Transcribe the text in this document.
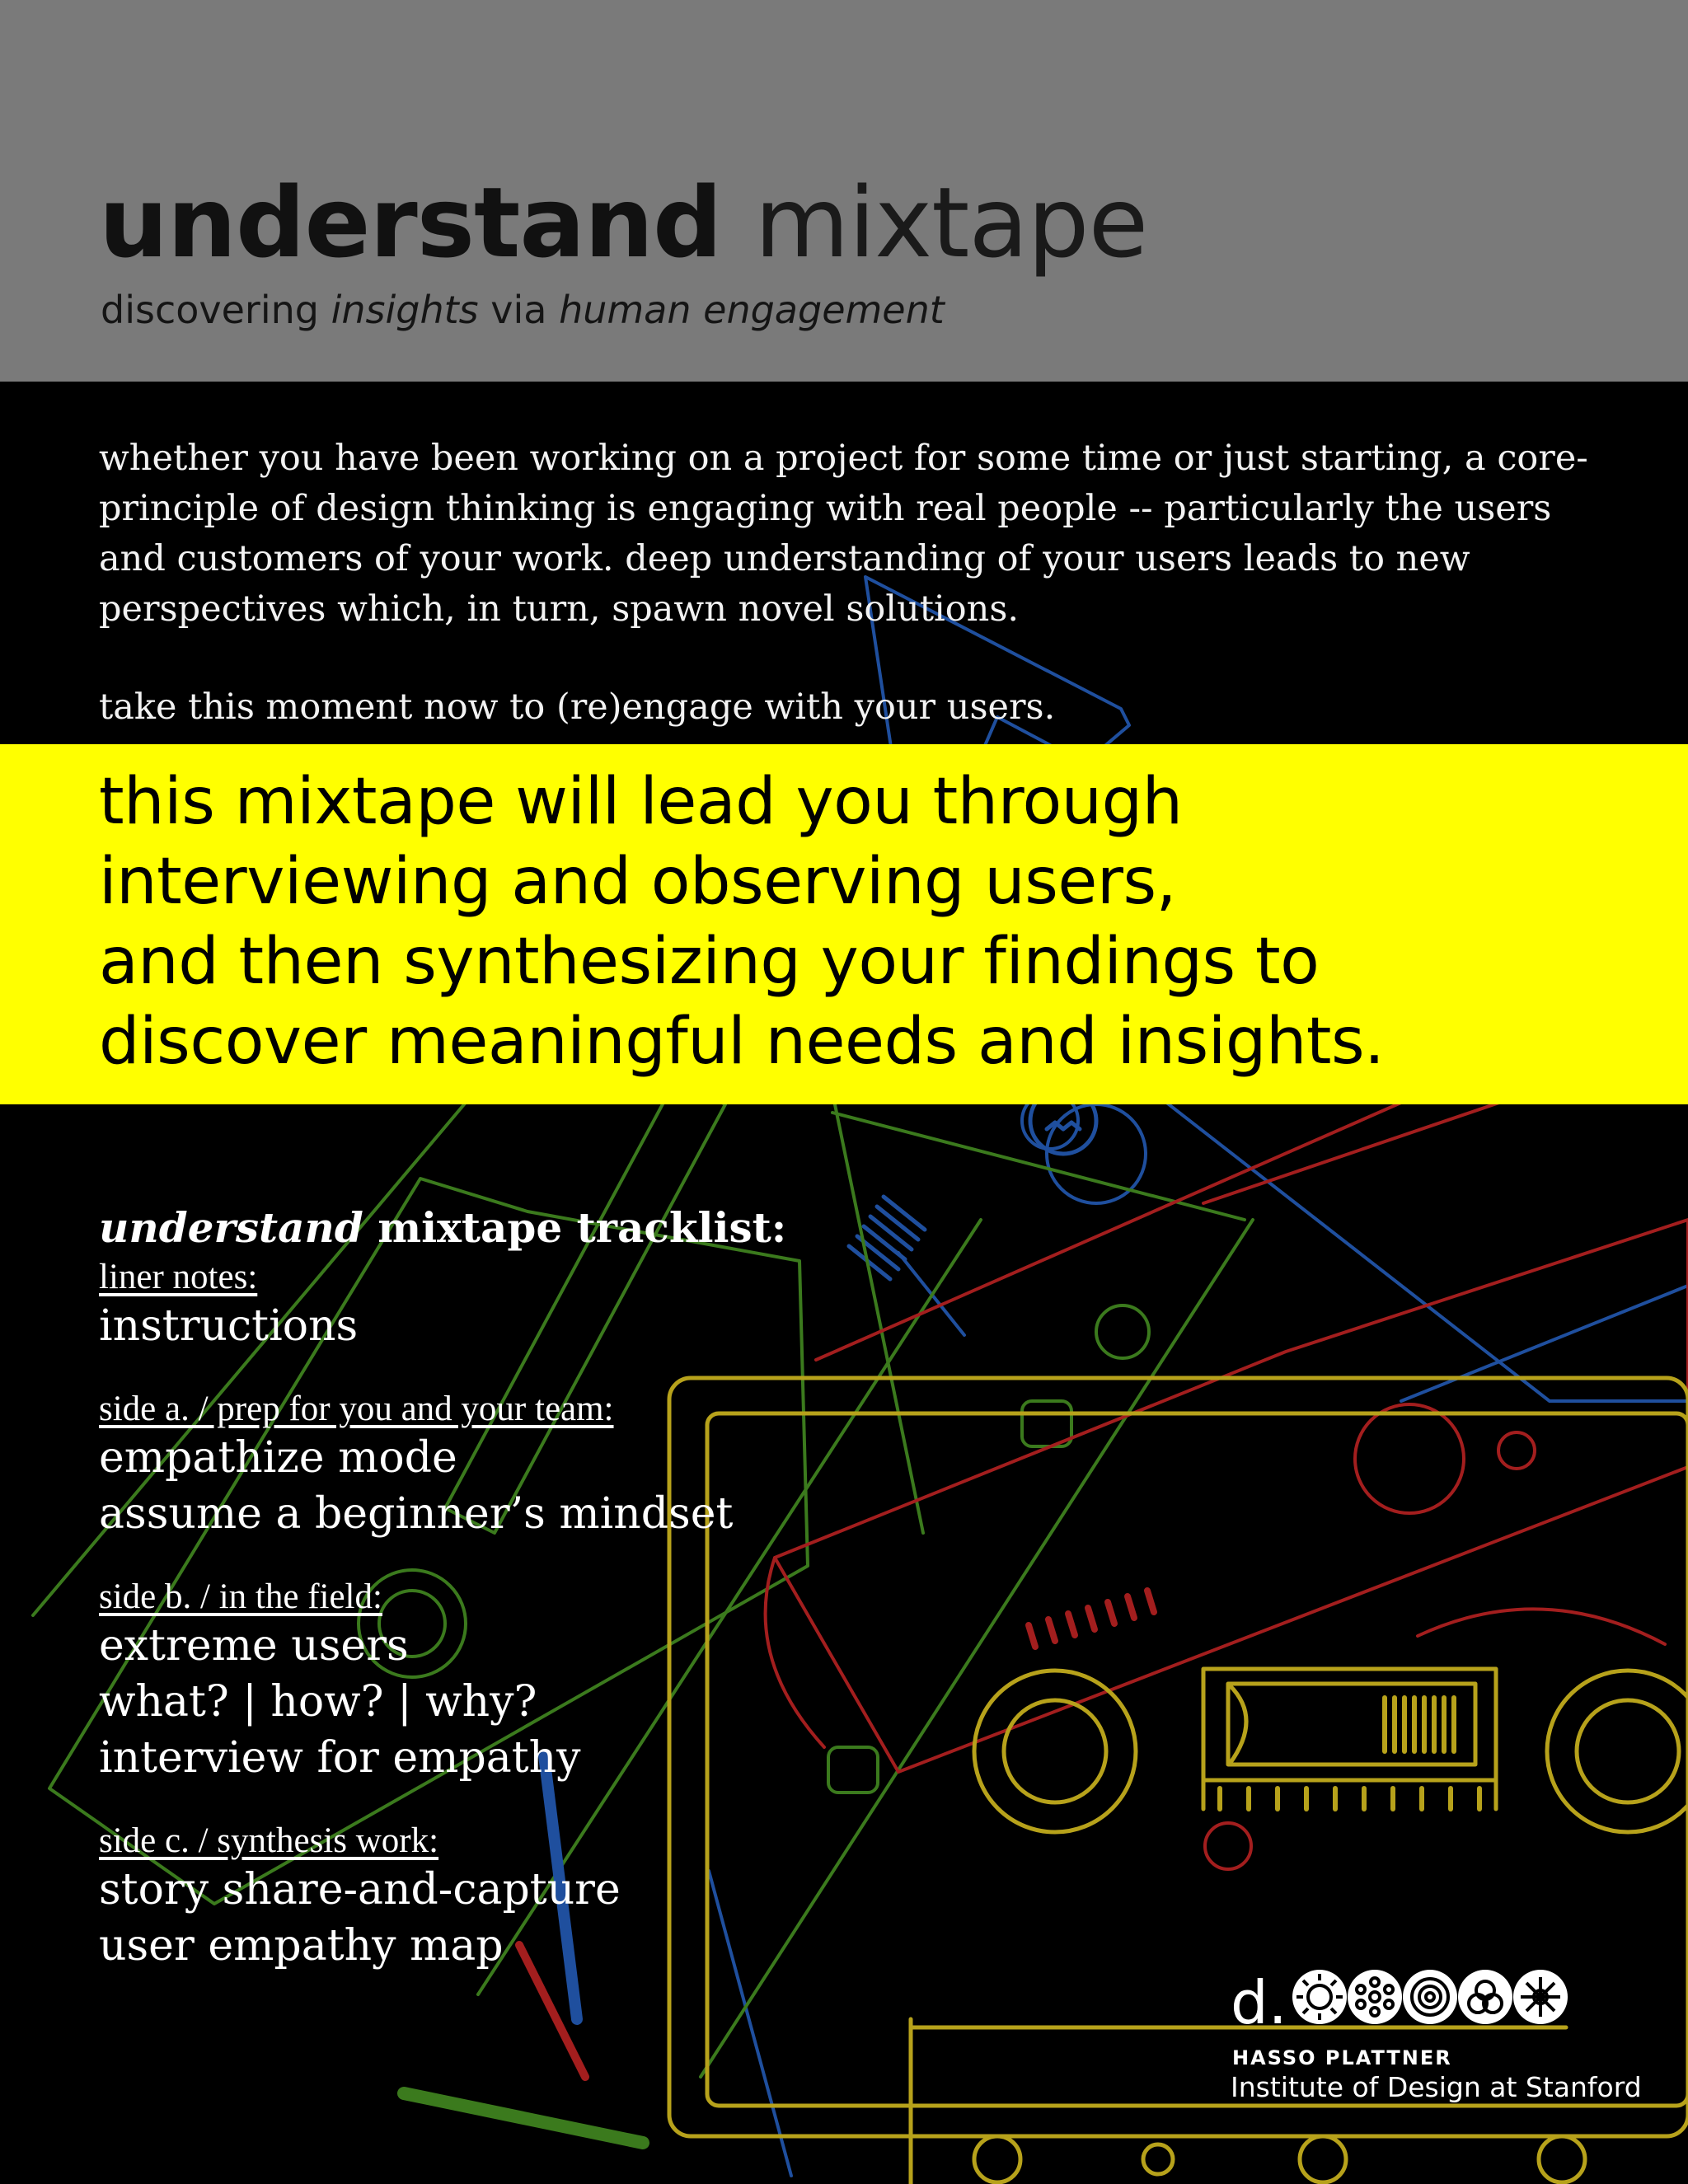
understand mixtape
discovering insights via human engagement

whether you have been working on a project for some time or just starting, a core-principle of design thinking is engaging with real people -- particularly the users and customers of your work. deep understanding of your users leads to new perspectives which, in turn, spawn novel solutions.

take this moment now to (re)engage with your users.

this mixtape will lead you through
interviewing and observing users,
and then synthesizing your findings to
discover meaningful needs and insights.
understand mixtape tracklist:
liner notes:
instructions
side a. / prep for you and your team:
empathize mode
assume a beginner’s mindset
side b. / in the field:
extreme users
what? | how? | why?
interview for empathy
side c. / synthesis work:
story share-and-capture
user empathy map
d.
HASSO PLATTNER
Institute of Design at Stanford
